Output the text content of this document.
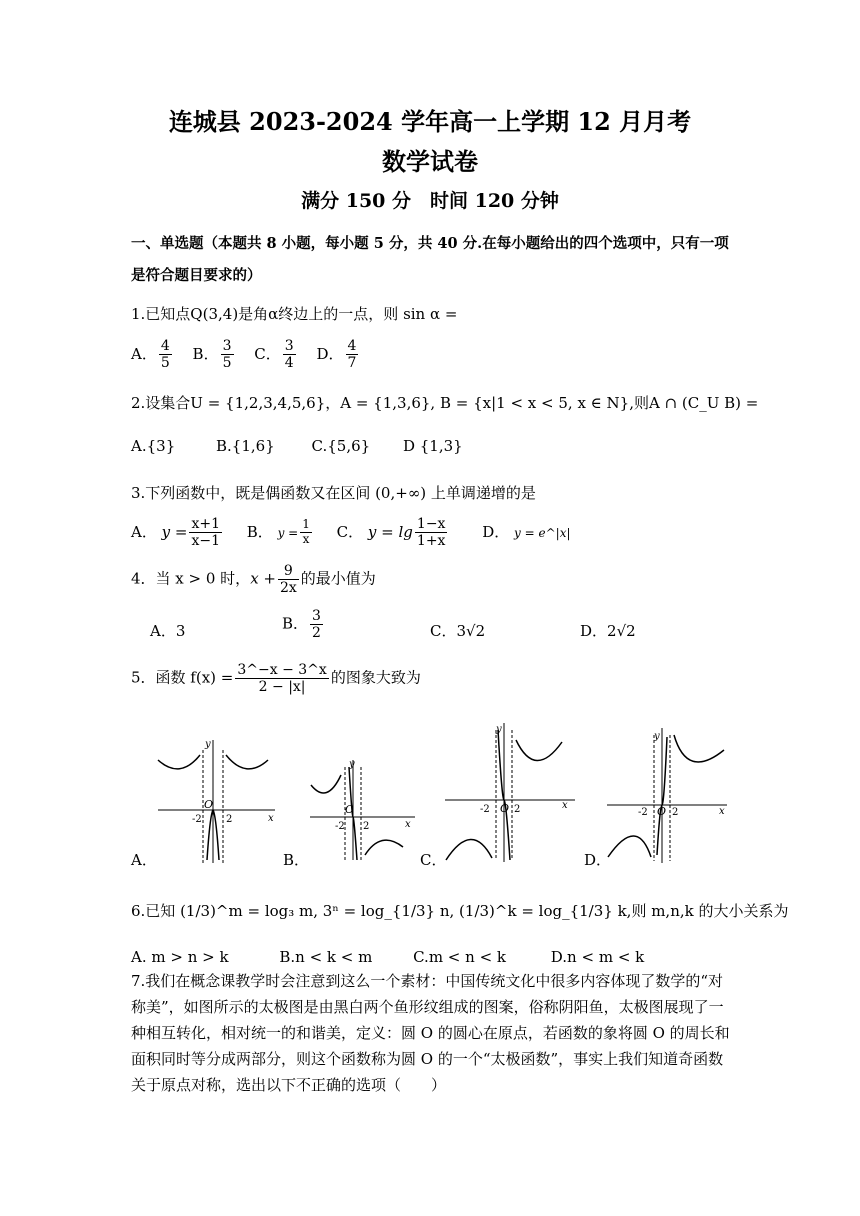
连城县 2023-2024 学年高一上学期 12 月月考
数学试卷
满分 150 分　时间 120 分钟
一、单选题（本题共 8 小题，每小题 5 分，共 40 分.在每小题给出的四个选项中，只有一项
是符合题目要求的）
1.已知点Q(3,4)是角α终边上的一点，则 sin α =
A． $\frac{4}{5}$ B． $\frac{3}{5}$ C． $\frac{3}{4}$ D． $\frac{4}{7}$
2.设集合U = {1,2,3,4,5,6}，A = {1,3,6}, B = {x|1 < x < 5, x ∈ N},则A ∩ (C_U B) =
A.{3}	B.{1,6} C.{5,6} D {1,3}
3.下列函数中，既是偶函数又在区间 (0,+∞) 上单调递增的是
A． $y = \frac{x+1}{x-1}$ B． $y = \frac{1}{x}$ C． $y = \lg \frac{1-x}{1+x}$ D． y = e^|x|
4．当 x > 0 时，$x + \frac{9}{2x}$ 的最小值为
A．3	B． $\frac{3}{2}$	C．3√2	D．2√2
5．函数 $f(x) = \frac{3\^{}-x - 3\^{}x}{2 - |x|}$ 的图象大致为
y
x
O
-2 2
A．
y
x
O
-2 2
B．
y
x
O
-2 2
C．
y
x
O
-2 2
D．
6.已知 (1/3)^m = log₃ m, 3ⁿ = log_{1/3} n, (1/3)^k = log_{1/3} k,则 m,n,k 的大小关系为
A. m > n > k	B.n < k < m	C.m < n < k	D.n < m < k
7.我们在概念课教学时会注意到这么一个素材：中国传统文化中很多内容体现了数学的“对称美”，如图所示的太极图是由黑白两个鱼形纹组成的图案，俗称阴阳鱼，太极图展现了一种相互转化，相对统一的和谐美，定义：圆 O 的圆心在原点，若函数的象将圆 O 的周长和面积同时等分成两部分，则这个函数称为圆 O 的一个“太极函数”，事实上我们知道奇函数关于原点对称，选出以下不正确的选项（　　）
